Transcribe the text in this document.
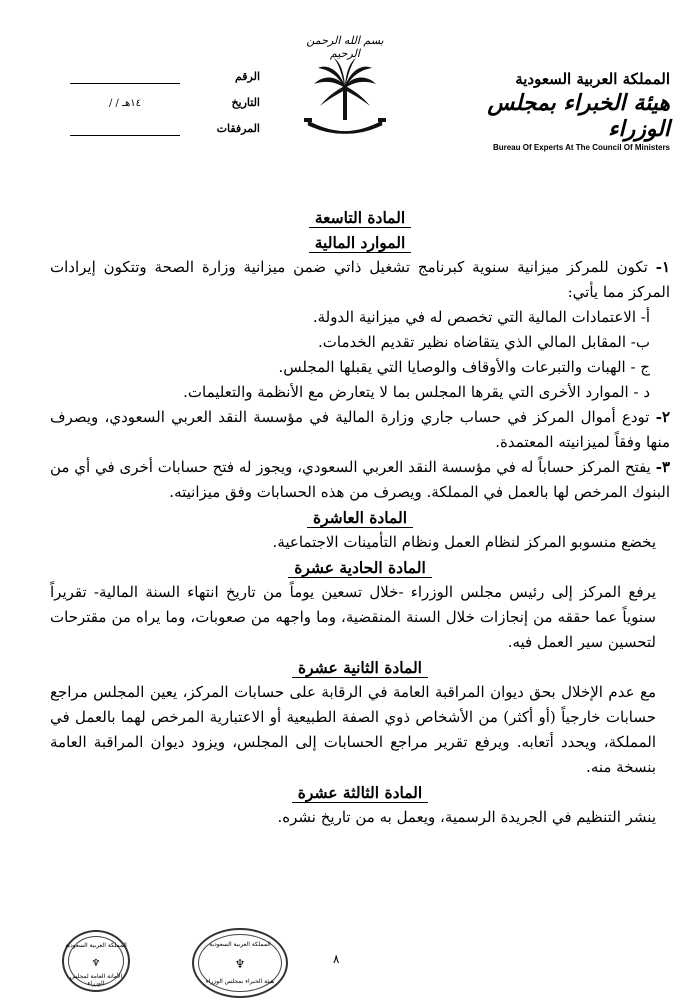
بسم الله الرحمن الرحيم
الرقم
التاريخ
/ / ١٤هـ
المرفقات
المملكة العربية السعودية
هيئة الخبراء بمجلس الوزراء
Bureau Of Experts At The Council Of Ministers
المادة التاسعة
الموارد المالية

١- تكون للمركز ميزانية سنوية كبرنامج تشغيل ذاتي ضمن ميزانية وزارة الصحة وتتكون إيرادات المركز مما يأتي:

أ- الاعتمادات المالية التي تخصص له في ميزانية الدولة.

ب- المقابل المالي الذي يتقاضاه نظير تقديم الخدمات.

ج - الهبات والتبرعات والأوقاف والوصايا التي يقبلها المجلس.

د - الموارد الأخرى التي يقرها المجلس بما لا يتعارض مع الأنظمة والتعليمات.

٢- تودع أموال المركز في حساب جاري وزارة المالية في مؤسسة النقد العربي السعودي، ويصرف منها وفقاً لميزانيته المعتمدة.

٣- يفتح المركز حساباً له في مؤسسة النقد العربي السعودي، ويجوز له فتح حسابات أخرى في أي من البنوك المرخص لها بالعمل في المملكة. ويصرف من هذه الحسابات وفق ميزانيته.

المادة العاشرة

يخضع منسوبو المركز لنظام العمل ونظام التأمينات الاجتماعية.

المادة الحادية عشرة

يرفع المركز إلى رئيس مجلس الوزراء -خلال تسعين يوماً من تاريخ انتهاء السنة المالية- تقريراً سنوياً عما حققه من إنجازات خلال السنة المنقضية، وما واجهه من صعوبات، وما يراه من مقترحات لتحسين سير العمل فيه.

المادة الثانية عشرة

مع عدم الإخلال بحق ديوان المراقبة العامة في الرقابة على حسابات المركز، يعين المجلس مراجع حسابات خارجياً (أو أكثر) من الأشخاص ذوي الصفة الطبيعية أو الاعتبارية المرخص لهما بالعمل في المملكة، ويحدد أتعابه. ويرفع تقرير مراجع الحسابات إلى المجلس، ويزود ديوان المراقبة العامة بنسخة منه.

المادة الثالثة عشرة

ينشر التنظيم في الجريدة الرسمية، ويعمل به من تاريخ نشره.

٨
المملكة العربية السعودية
♆
الأمانة العامة لمجلس الوزراء
المملكة العربية السعودية
♆
هيئة الخبراء بمجلس الوزراء
